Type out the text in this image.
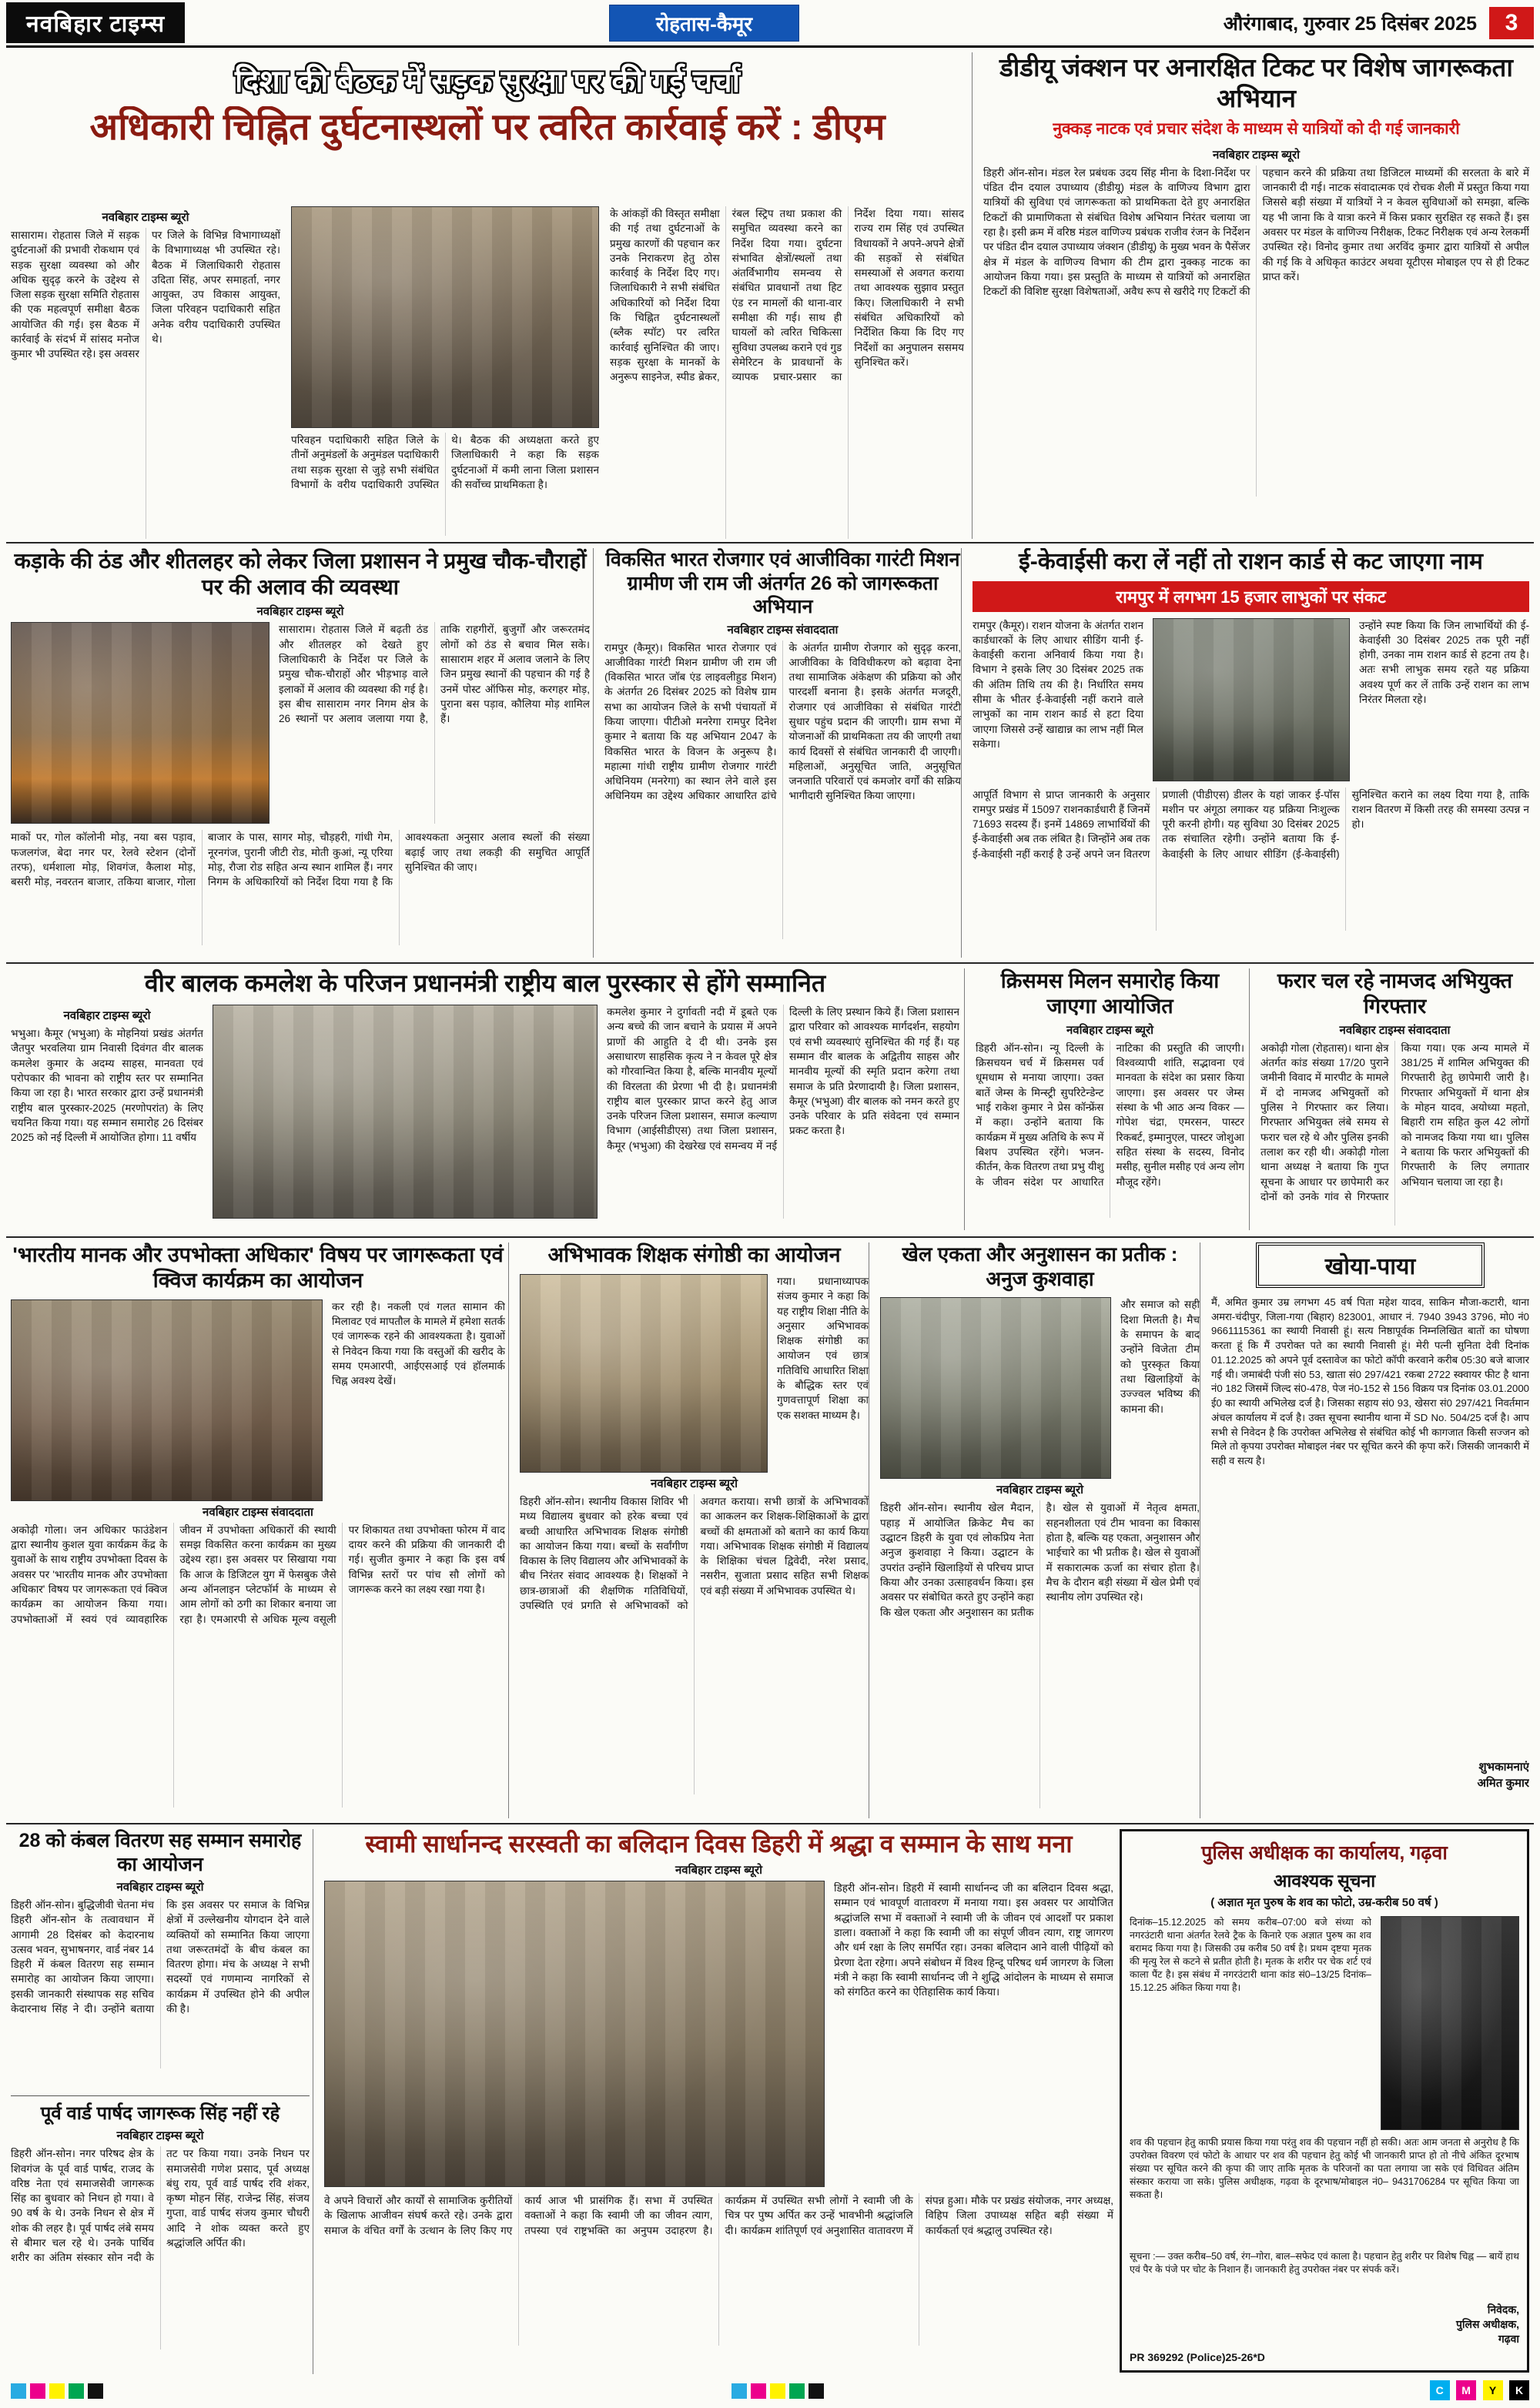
नवबिहार टाइम्स	रोहतास-कैमूर	औरंगाबाद, गुरुवार 25 दिसंबर 2025	3
दिशा की बैठक में सड़क सुरक्षा पर की गई चर्चा
अधिकारी चिह्नित दुर्घटनास्थलों पर त्वरित कार्रवाई करें : डीएम
नवबिहार टाइम्स ब्यूरो
सासाराम। रोहतास जिले में सड़क दुर्घटनाओं की प्रभावी रोकथाम एवं सड़क सुरक्षा व्यवस्था को और अधिक सुदृढ़ करने के उद्देश्य से जिला सड़क सुरक्षा समिति रोहतास की एक महत्वपूर्ण समीक्षा बैठक आयोजित की गई। इस बैठक में कार्रवाई के संदर्भ में सांसद मनोज कुमार भी उपस्थित रहे। इस अवसर पर जिले के विभिन्न विभागाध्यक्षों के विभागाध्यक्ष भी उपस्थित रहे। बैठक में जिलाधिकारी रोहतास उदिता सिंह, अपर समाहर्ता, नगर आयुक्त, उप विकास आयुक्त, जिला परिवहन पदाधिकारी सहित अनेक वरीय पदाधिकारी उपस्थित थे।
परिवहन पदाधिकारी सहित जिले के तीनों अनुमंडलों के अनुमंडल पदाधिकारी तथा सड़क सुरक्षा से जुड़े सभी संबंधित विभागों के वरीय पदाधिकारी उपस्थित थे। बैठक की अध्यक्षता करते हुए जिलाधिकारी ने कहा कि सड़क दुर्घटनाओं में कमी लाना जिला प्रशासन की सर्वोच्च प्राथमिकता है।
के आंकड़ों की विस्तृत समीक्षा की गई तथा दुर्घटनाओं के प्रमुख कारणों की पहचान कर उनके निराकरण हेतु ठोस कार्रवाई के निर्देश दिए गए। जिलाधिकारी ने सभी संबंधित अधिकारियों को निर्देश दिया कि चिह्नित दुर्घटनास्थलों (ब्लैक स्पॉट) पर त्वरित कार्रवाई सुनिश्चित की जाए। सड़क सुरक्षा के मानकों के अनुरूप साइनेज, स्पीड ब्रेकर, रंबल स्ट्रिप तथा प्रकाश की समुचित व्यवस्था करने का निर्देश दिया गया। दुर्घटना संभावित क्षेत्रों/स्थलों तथा अंतर्विभागीय समन्वय से संबंधित प्रावधानों तथा हिट एंड रन मामलों की थाना-वार समीक्षा की गई। साथ ही घायलों को त्वरित चिकित्सा सुविधा उपलब्ध कराने एवं गुड सेमेरिटन के प्रावधानों के व्यापक प्रचार-प्रसार का निर्देश दिया गया। सांसद राज्य राम सिंह एवं उपस्थित विधायकों ने अपने-अपने क्षेत्रों की सड़कों से संबंधित समस्याओं से अवगत कराया तथा आवश्यक सुझाव प्रस्तुत किए। जिलाधिकारी ने सभी संबंधित अधिकारियों को निर्देशित किया कि दिए गए निर्देशों का अनुपालन ससमय सुनिश्चित करें।
डीडीयू जंक्शन पर अनारक्षित टिकट पर विशेष जागरूकता अभियान
नुक्कड़ नाटक एवं प्रचार संदेश के माध्यम से यात्रियों को दी गई जानकारी
नवबिहार टाइम्स ब्यूरो
डिहरी ऑन-सोन। मंडल रेल प्रबंधक उदय सिंह मीना के दिशा-निर्देश पर पंडित दीन दयाल उपाध्याय (डीडीयू) मंडल के वाणिज्य विभाग द्वारा यात्रियों की सुविधा एवं जागरूकता को प्राथमिकता देते हुए अनारक्षित टिकटों की प्रामाणिकता से संबंधित विशेष अभियान निरंतर चलाया जा रहा है। इसी क्रम में वरिष्ठ मंडल वाणिज्य प्रबंधक राजीव रंजन के निर्देशन पर पंडित दीन दयाल उपाध्याय जंक्शन (डीडीयू) के मुख्य भवन के पैसेंजर क्षेत्र में मंडल के वाणिज्य विभाग की टीम द्वारा नुक्कड़ नाटक का आयोजन किया गया। इस प्रस्तुति के माध्यम से यात्रियों को अनारक्षित टिकटों की विशिष्ट सुरक्षा विशेषताओं, अवैध रूप से खरीदे गए टिकटों की पहचान करने की प्रक्रिया तथा डिजिटल माध्यमों की सरलता के बारे में जानकारी दी गई। नाटक संवादात्मक एवं रोचक शैली में प्रस्तुत किया गया जिससे बड़ी संख्या में यात्रियों ने न केवल सुविधाओं को समझा, बल्कि यह भी जाना कि वे यात्रा करने में किस प्रकार सुरक्षित रह सकते हैं। इस अवसर पर मंडल के वाणिज्य निरीक्षक, टिकट निरीक्षक एवं अन्य रेलकर्मी उपस्थित रहे। विनोद कुमार तथा अरविंद कुमार द्वारा यात्रियों से अपील की गई कि वे अधिकृत काउंटर अथवा यूटीएस मोबाइल एप से ही टिकट प्राप्त करें।
कड़ाके की ठंड और शीतलहर को लेकर जिला प्रशासन ने प्रमुख चौक-चौराहों पर की अलाव की व्यवस्था
नवबिहार टाइम्स ब्यूरो
सासाराम। रोहतास जिले में बढ़ती ठंड और शीतलहर को देखते हुए जिलाधिकारी के निर्देश पर जिले के प्रमुख चौक-चौराहों और भीड़भाड़ वाले इलाकों में अलाव की व्यवस्था की गई है। इस बीच सासाराम नगर निगम क्षेत्र के 26 स्थानों पर अलाव जलाया गया है, ताकि राहगीरों, बुजुर्गों और जरूरतमंद लोगों को ठंड से बचाव मिल सके। सासाराम शहर में अलाव जलाने के लिए जिन प्रमुख स्थानों की पहचान की गई है उनमें पोस्ट ऑफिस मोड़, करगहर मोड़, पुराना बस पड़ाव, कौलिया मोड़ शामिल हैं।
माकों पर, गोल कॉलोनी मोड़, नया बस पड़ाव, फजलगंज, बेदा नगर पर, रेलवे स्टेशन (दोनों तरफ), धर्मशाला मोड़, शिवगंज, कैलाश मोड़, बसरी मोड़, नवरतन बाजार, तकिया बाजार, गोला बाजार के पास, सागर मोड़, चौड़हरी, गांधी गेम, नूरनगंज, पुरानी जीटी रोड, मोती कुआं, न्यू एरिया मोड़, रौजा रोड सहित अन्य स्थान शामिल हैं। नगर निगम के अधिकारियों को निर्देश दिया गया है कि आवश्यकता अनुसार अलाव स्थलों की संख्या बढ़ाई जाए तथा लकड़ी की समुचित आपूर्ति सुनिश्चित की जाए।
विकसित भारत रोजगार एवं आजीविका गारंटी मिशन ग्रामीण जी राम जी अंतर्गत 26 को जागरूकता अभियान
नवबिहार टाइम्स संवाददाता
रामपुर (कैमूर)। विकसित भारत रोजगार एवं आजीविका गारंटी मिशन ग्रामीण जी राम जी (विकसित भारत जॉब एंड लाइवलीहुड मिशन) के अंतर्गत 26 दिसंबर 2025 को विशेष ग्राम सभा का आयोजन जिले के सभी पंचायतों में किया जाएगा। पीटीओ मनरेगा रामपुर दिनेश कुमार ने बताया कि यह अभियान 2047 के विकसित भारत के विजन के अनुरूप है। महात्मा गांधी राष्ट्रीय ग्रामीण रोजगार गारंटी अधिनियम (मनरेगा) का स्थान लेने वाले इस अधिनियम का उद्देश्य अधिकार आधारित ढांचे के अंतर्गत ग्रामीण रोजगार को सुदृढ़ करना, आजीविका के विविधीकरण को बढ़ावा देना तथा सामाजिक अंकेक्षण की प्रक्रिया को और पारदर्शी बनाना है। इसके अंतर्गत मजदूरी, रोजगार एवं आजीविका से संबंधित गारंटी सुधार पहुंच प्रदान की जाएगी। ग्राम सभा में योजनाओं की प्राथमिकता तय की जाएगी तथा कार्य दिवसों से संबंधित जानकारी दी जाएगी। महिलाओं, अनुसूचित जाति, अनुसूचित जनजाति परिवारों एवं कमजोर वर्गों की सक्रिय भागीदारी सुनिश्चित किया जाएगा।
ई-केवाईसी करा लें नहीं तो राशन कार्ड से कट जाएगा नाम
रामपुर में लगभग 15 हजार लाभुकों पर संकट
रामपुर (कैमूर)। राशन योजना के अंतर्गत राशन कार्डधारकों के लिए आधार सीडिंग यानी ई-केवाईसी कराना अनिवार्य किया गया है। विभाग ने इसके लिए 30 दिसंबर 2025 तक की अंतिम तिथि तय की है। निर्धारित समय सीमा के भीतर ई-केवाईसी नहीं कराने वाले लाभुकों का नाम राशन कार्ड से हटा दिया जाएगा जिससे उन्हें खाद्यान्न का लाभ नहीं मिल सकेगा।
उन्होंने स्पष्ट किया कि जिन लाभार्थियों की ई-केवाईसी 30 दिसंबर 2025 तक पूरी नहीं होगी, उनका नाम राशन कार्ड से हटना तय है। अतः सभी लाभुक समय रहते यह प्रक्रिया अवश्य पूर्ण कर लें ताकि उन्हें राशन का लाभ निरंतर मिलता रहे।
आपूर्ति विभाग से प्राप्त जानकारी के अनुसार रामपुर प्रखंड में 15097 राशनकार्डधारी हैं जिनमें 71693 सदस्य हैं। इनमें 14869 लाभार्थियों की ई-केवाईसी अब तक लंबित है। जिन्होंने अब तक ई-केवाईसी नहीं कराई है उन्हें अपने जन वितरण प्रणाली (पीडीएस) डीलर के यहां जाकर ई-पॉस मशीन पर अंगूठा लगाकर यह प्रक्रिया निःशुल्क पूरी करनी होगी। यह सुविधा 30 दिसंबर 2025 तक संचालित रहेगी। उन्होंने बताया कि ई-केवाईसी के लिए आधार सीडिंग (ई-केवाईसी) सुनिश्चित कराने का लक्ष्य दिया गया है, ताकि राशन वितरण में किसी तरह की समस्या उत्पन्न न हो।
वीर बालक कमलेश के परिजन प्रधानमंत्री राष्ट्रीय बाल पुरस्कार से होंगे सम्मानित
नवबिहार टाइम्स ब्यूरो
भभुआ। कैमूर (भभुआ) के मोहनियां प्रखंड अंतर्गत जैतपुर भरवलिया ग्राम निवासी दिवंगत वीर बालक कमलेश कुमार के अदम्य साहस, मानवता एवं परोपकार की भावना को राष्ट्रीय स्तर पर सम्मानित किया जा रहा है। भारत सरकार द्वारा उन्हें प्रधानमंत्री राष्ट्रीय बाल पुरस्कार-2025 (मरणोपरांत) के लिए चयनित किया गया। यह सम्मान समारोह 26 दिसंबर 2025 को नई दिल्ली में आयोजित होगा। 11 वर्षीय
कमलेश कुमार ने दुर्गावती नदी में डूबते एक अन्य बच्चे की जान बचाने के प्रयास में अपने प्राणों की आहुति दे दी थी। उनके इस असाधारण साहसिक कृत्य ने न केवल पूरे क्षेत्र को गौरवान्वित किया है, बल्कि मानवीय मूल्यों की विरलता की प्रेरणा भी दी है। प्रधानमंत्री राष्ट्रीय बाल पुरस्कार प्राप्त करने हेतु आज उनके परिजन जिला प्रशासन, समाज कल्याण विभाग (आईसीडीएस) तथा जिला प्रशासन, कैमूर (भभुआ) की देखरेख एवं समन्वय में नई दिल्ली के लिए प्रस्थान किये हैं। जिला प्रशासन द्वारा परिवार को आवश्यक मार्गदर्शन, सहयोग एवं सभी व्यवस्थाएं सुनिश्चित की गई हैं। यह सम्मान वीर बालक के अद्वितीय साहस और मानवीय मूल्यों की स्मृति प्रदान करेगा तथा समाज के प्रति प्रेरणादायी है। जिला प्रशासन, कैमूर (भभुआ) वीर बालक को नमन करते हुए उनके परिवार के प्रति संवेदना एवं सम्मान प्रकट करता है।
क्रिसमस मिलन समारोह किया जाएगा आयोजित
नवबिहार टाइम्स ब्यूरो
डिहरी ऑन-सोन। न्यू दिल्ली के क्रिसचयन चर्च में क्रिसमस पर्व धूमधाम से मनाया जाएगा। उक्त बातें जेम्स के मिन्स्ट्री सुपरिटेन्डेन्ट भाई राकेश कुमार ने प्रेस कॉन्फ्रेंस में कहा। उन्होंने बताया कि कार्यक्रम में मुख्य अतिथि के रूप में बिशप उपस्थित रहेंगे। भजन-कीर्तन, केक वितरण तथा प्रभु यीशु के जीवन संदेश पर आधारित नाटिका की प्रस्तुति की जाएगी। विश्वव्यापी शांति, सद्भावना एवं मानवता के संदेश का प्रसार किया जाएगा। इस अवसर पर जेम्स संस्था के भी आठ अन्य विकर — गोपेश चंद्रा, एमरसन, पास्टर रिकबर्ट, इम्मानुएल, पास्टर जोशुआ सहित संस्था के सदस्य, विनोद मसीह, सुनील मसीह एवं अन्य लोग मौजूद रहेंगे।
फरार चल रहे नामजद अभियुक्त गिरफ्तार
नवबिहार टाइम्स संवाददाता
अकोढ़ी गोला (रोहतास)। थाना क्षेत्र अंतर्गत कांड संख्या 17/20 पुराने जमीनी विवाद में मारपीट के मामले में दो नामजद अभियुक्तों को पुलिस ने गिरफ्तार कर लिया। गिरफ्तार अभियुक्त लंबे समय से फरार चल रहे थे और पुलिस इनकी तलाश कर रही थी। अकोढ़ी गोला थाना अध्यक्ष ने बताया कि गुप्त सूचना के आधार पर छापेमारी कर दोनों को उनके गांव से गिरफ्तार किया गया। एक अन्य मामले में 381/25 में शामिल अभियुक्त की गिरफ्तारी हेतु छापेमारी जारी है। गिरफ्तार अभियुक्तों में थाना क्षेत्र के मोहन यादव, अयोध्या महतो, बिहारी राम सहित कुल 42 लोगों को नामजद किया गया था। पुलिस ने बताया कि फरार अभियुक्तों की गिरफ्तारी के लिए लगातार अभियान चलाया जा रहा है।
'भारतीय मानक और उपभोक्ता अधिकार' विषय पर जागरूकता एवं क्विज कार्यक्रम का आयोजन
कर रही है। नकली एवं गलत सामान की मिलावट एवं मापतौल के मामले में हमेशा सतर्क एवं जागरूक रहने की आवश्यकता है। युवाओं से निवेदन किया गया कि वस्तुओं की खरीद के समय एमआरपी, आईएसआई एवं हॉलमार्क चिह्न अवश्य देखें।
नवबिहार टाइम्स संवाददाता
अकोढ़ी गोला। जन अधिकार फाउंडेशन द्वारा स्थानीय कुशल युवा कार्यक्रम केंद्र के युवाओं के साथ राष्ट्रीय उपभोक्ता दिवस के अवसर पर 'भारतीय मानक और उपभोक्ता अधिकार' विषय पर जागरूकता एवं क्विज कार्यक्रम का आयोजन किया गया। उपभोक्ताओं में स्वयं एवं व्यावहारिक जीवन में उपभोक्ता अधिकारों की स्थायी समझ विकसित करना कार्यक्रम का मुख्य उद्देश्य रहा। इस अवसर पर सिखाया गया कि आज के डिजिटल युग में फेसबुक जैसे अन्य ऑनलाइन प्लेटफॉर्म के माध्यम से आम लोगों को ठगी का शिकार बनाया जा रहा है। एमआरपी से अधिक मूल्य वसूली पर शिकायत तथा उपभोक्ता फोरम में वाद दायर करने की प्रक्रिया की जानकारी दी गई। सुजीत कुमार ने कहा कि इस वर्ष विभिन्न स्तरों पर पांच सौ लोगों को जागरूक करने का लक्ष्य रखा गया है।
अभिभावक शिक्षक संगोष्ठी का आयोजन
गया। प्रधानाध्यापक संजय कुमार ने कहा कि यह राष्ट्रीय शिक्षा नीति के अनुसार अभिभावक शिक्षक संगोष्ठी का आयोजन एवं छात्र गतिविधि आधारित शिक्षा के बौद्धिक स्तर एवं गुणवत्तापूर्ण शिक्षा का एक सशक्त माध्यम है।
नवबिहार टाइम्स ब्यूरो
डिहरी ऑन-सोन। स्थानीय विकास शिविर भी मध्य विद्यालय बुधवार को हरेक बच्चा एवं बच्ची आधारित अभिभावक शिक्षक संगोष्ठी का आयोजन किया गया। बच्चों के सर्वांगीण विकास के लिए विद्यालय और अभिभावकों के बीच निरंतर संवाद आवश्यक है। शिक्षकों ने छात्र-छात्राओं की शैक्षणिक गतिविधियों, उपस्थिति एवं प्रगति से अभिभावकों को अवगत कराया। सभी छात्रों के अभिभावकों का आकलन कर शिक्षक-शिक्षिकाओं के द्वारा बच्चों की क्षमताओं को बताने का कार्य किया गया। अभिभावक शिक्षक संगोष्ठी में विद्यालय के शिक्षिका चंचल द्विवेदी, नरेश प्रसाद, नसरीन, सुजाता प्रसाद सहित सभी शिक्षक एवं बड़ी संख्या में अभिभावक उपस्थित थे।
खेल एकता और अनुशासन का प्रतीक : अनुज कुशवाहा
और समाज को सही दिशा मिलती है। मैच के समापन के बाद उन्होंने विजेता टीम को पुरस्कृत किया तथा खिलाड़ियों के उज्ज्वल भविष्य की कामना की।
नवबिहार टाइम्स ब्यूरो
डिहरी ऑन-सोन। स्थानीय खेल मैदान, पहाड़ में आयोजित क्रिकेट मैच का उद्घाटन डिहरी के युवा एवं लोकप्रिय नेता अनुज कुशवाहा ने किया। उद्घाटन के उपरांत उन्होंने खिलाड़ियों से परिचय प्राप्त किया और उनका उत्साहवर्धन किया। इस अवसर पर संबोधित करते हुए उन्होंने कहा कि खेल एकता और अनुशासन का प्रतीक है। खेल से युवाओं में नेतृत्व क्षमता, सहनशीलता एवं टीम भावना का विकास होता है, बल्कि यह एकता, अनुशासन और भाईचारे का भी प्रतीक है। खेल से युवाओं में सकारात्मक ऊर्जा का संचार होता है। मैच के दौरान बड़ी संख्या में खेल प्रेमी एवं स्थानीय लोग उपस्थित रहे।
खोया-पाया
मैं, अमित कुमार उम्र लगभग 45 वर्ष पिता महेश यादव, साकिन मौजा-कटारी, थाना अमरा-चंदीपुर, जिला-गया (बिहार) 823001, आधार नं. 7940 3943 3796, मो0 नं0 9661115361 का स्थायी निवासी हूं। सत्य निष्ठापूर्वक निम्नलिखित बातों का घोषणा करता हूं कि मैं उपरोक्त पते का स्थायी निवासी हूं। मेरी पत्नी सुनिता देवी दिनांक 01.12.2025 को अपने पूर्व दस्तावेज का फोटो कॉपी करवाने करीब 05:30 बजे बाजार गई थी। जमाबंदी पंजी सं0 53, खाता सं0 297/421 रकबा 2722 स्क्वायर फीट है थाना नं0 182 जिसमें जिल्द सं0-478, पेज नं0-152 से 156 विक्रय पत्र दिनांक 03.01.2000 ई0 का स्थायी अभिलेख दर्ज है। जिसका सहाय सं0 93, खेसरा सं0 297/421 निवर्तमान अंचल कार्यालय में दर्ज है। उक्त सूचना स्थानीय थाना में SD No. 504/25 दर्ज है। आप सभी से निवेदन है कि उपरोक्त अभिलेख से संबंधित कोई भी कागजात किसी सज्जन को मिले तो कृपया उपरोक्त मोबाइल नंबर पर सूचित करने की कृपा करें। जिसकी जानकारी में सही व सत्य है।
शुभकामनाएं
अमित कुमार
28 को कंबल वितरण सह सम्मान समारोह का आयोजन
नवबिहार टाइम्स ब्यूरो
डिहरी ऑन-सोन। बुद्धिजीवी चेतना मंच डिहरी ऑन-सोन के तत्वावधान में आगामी 28 दिसंबर को केदारनाथ उत्सव भवन, सुभाषनगर, वार्ड नंबर 14 डिहरी में कंबल वितरण सह सम्मान समारोह का आयोजन किया जाएगा। इसकी जानकारी संस्थापक सह सचिव केदारनाथ सिंह ने दी। उन्होंने बताया कि इस अवसर पर समाज के विभिन्न क्षेत्रों में उल्लेखनीय योगदान देने वाले व्यक्तियों को सम्मानित किया जाएगा तथा जरूरतमंदों के बीच कंबल का वितरण होगा। मंच के अध्यक्ष ने सभी सदस्यों एवं गणमान्य नागरिकों से कार्यक्रम में उपस्थित होने की अपील की है।
पूर्व वार्ड पार्षद जागरूक सिंह नहीं रहे
नवबिहार टाइम्स ब्यूरो
डिहरी ऑन-सोन। नगर परिषद क्षेत्र के शिवगंज के पूर्व वार्ड पार्षद, राजद के वरिष्ठ नेता एवं समाजसेवी जागरूक सिंह का बुधवार को निधन हो गया। वे 90 वर्ष के थे। उनके निधन से क्षेत्र में शोक की लहर है। पूर्व पार्षद लंबे समय से बीमार चल रहे थे। उनके पार्थिव शरीर का अंतिम संस्कार सोन नदी के तट पर किया गया। उनके निधन पर समाजसेवी गणेश प्रसाद, पूर्व अध्यक्ष बंधु राय, पूर्व वार्ड पार्षद रवि शंकर, कृष्ण मोहन सिंह, राजेन्द्र सिंह, संजय गुप्ता, वार्ड पार्षद संजय कुमार चौधरी आदि ने शोक व्यक्त करते हुए श्रद्धांजलि अर्पित की।
स्वामी सार्धानन्द सरस्वती का बलिदान दिवस डिहरी में श्रद्धा व सम्मान के साथ मना
नवबिहार टाइम्स ब्यूरो
डिहरी ऑन-सोन। डिहरी में स्वामी सार्धानन्द जी का बलिदान दिवस श्रद्धा, सम्मान एवं भावपूर्ण वातावरण में मनाया गया। इस अवसर पर आयोजित श्रद्धांजलि सभा में वक्ताओं ने स्वामी जी के जीवन एवं आदर्शों पर प्रकाश डाला। वक्ताओं ने कहा कि स्वामी जी का संपूर्ण जीवन त्याग, राष्ट्र जागरण और धर्म रक्षा के लिए समर्पित रहा। उनका बलिदान आने वाली पीढ़ियों को प्रेरणा देता रहेगा। अपने संबोधन में विश्व हिन्दू परिषद धर्म जागरण के जिला मंत्री ने कहा कि स्वामी सार्धानन्द जी ने शुद्धि आंदोलन के माध्यम से समाज को संगठित करने का ऐतिहासिक कार्य किया।
वे अपने विचारों और कार्यों से सामाजिक कुरीतियों के खिलाफ आजीवन संघर्ष करते रहे। उनके द्वारा समाज के वंचित वर्गों के उत्थान के लिए किए गए कार्य आज भी प्रासंगिक हैं। सभा में उपस्थित वक्ताओं ने कहा कि स्वामी जी का जीवन त्याग, तपस्या एवं राष्ट्रभक्ति का अनुपम उदाहरण है। कार्यक्रम में उपस्थित सभी लोगों ने स्वामी जी के चित्र पर पुष्प अर्पित कर उन्हें भावभीनी श्रद्धांजलि दी। कार्यक्रम शांतिपूर्ण एवं अनुशासित वातावरण में संपन्न हुआ। मौके पर प्रखंड संयोजक, नगर अध्यक्ष, विहिप जिला उपाध्यक्ष सहित बड़ी संख्या में कार्यकर्ता एवं श्रद्धालु उपस्थित रहे।
पुलिस अधीक्षक का कार्यालय, गढ़वा
आवश्यक सूचना
( अज्ञात मृत पुरुष के शव का फोटो, उम्र-करीब 50 वर्ष )
दिनांक–15.12.2025 को समय करीब–07:00 बजे संध्या को नगरउंटारी थाना अंतर्गत रेलवे ट्रैक के किनारे एक अज्ञात पुरुष का शव बरामद किया गया है। जिसकी उम्र करीब 50 वर्ष है। प्रथम दृष्टया मृतक की मृत्यु रेल से कटने से प्रतीत होती है। मृतक के शरीर पर चेक शर्ट एवं काला पैंट है। इस संबंध में नगरउंटारी थाना कांड सं0–13/25 दिनांक–15.12.25 अंकित किया गया है।
शव की पहचान हेतु काफी प्रयास किया गया परंतु शव की पहचान नहीं हो सकी। अतः आम जनता से अनुरोध है कि उपरोक्त विवरण एवं फोटो के आधार पर शव की पहचान हेतु कोई भी जानकारी प्राप्त हो तो नीचे अंकित दूरभाष संख्या पर सूचित करने की कृपा की जाए ताकि मृतक के परिजनों का पता लगाया जा सके एवं विधिवत अंतिम संस्कार कराया जा सके। पुलिस अधीक्षक, गढ़वा के दूरभाष/मोबाइल नं0– 9431706284 पर सूचित किया जा सकता है।
सूचना :— उक्त करीब–50 वर्ष, रंग–गोरा, बाल–सफेद एवं काला है। पहचान हेतु शरीर पर विशेष चिह्न — बायें हाथ एवं पैर के पंजे पर चोट के निशान हैं। जानकारी हेतु उपरोक्त नंबर पर संपर्क करें।
निवेदक,
पुलिस अधीक्षक,
गढ़वा
PR 369292 (Police)25-26*D
C M Y K
